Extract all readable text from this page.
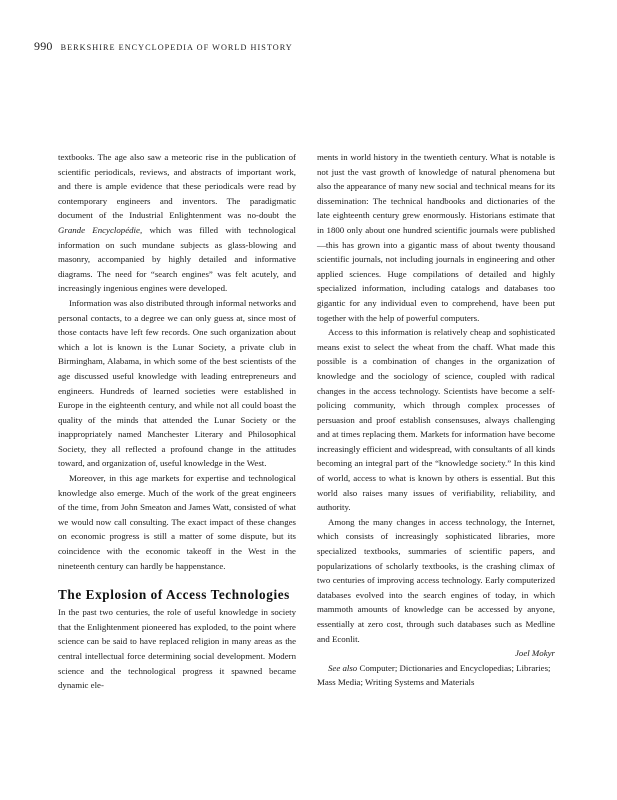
990 BERKSHIRE ENCYCLOPEDIA OF WORLD HISTORY

textbooks. The age also saw a meteoric rise in the publication of scientific periodicals, reviews, and abstracts of important work, and there is ample evidence that these periodicals were read by contemporary engineers and inventors. The paradigmatic document of the Industrial Enlightenment was no-doubt the Grande Encyclopédie, which was filled with technological information on such mundane subjects as glass-blowing and masonry, accompanied by highly detailed and informative diagrams. The need for “search engines” was felt acutely, and increasingly ingenious engines were developed.

Information was also distributed through informal networks and personal contacts, to a degree we can only guess at, since most of those contacts have left few records. One such organization about which a lot is known is the Lunar Society, a private club in Birmingham, Alabama, in which some of the best scientists of the age discussed useful knowledge with leading entrepreneurs and engineers. Hundreds of learned societies were established in Europe in the eighteenth century, and while not all could boast the quality of the minds that attended the Lunar Society or the inappropriately named Manchester Literary and Philosophical Society, they all reflected a profound change in the attitudes toward, and organization of, useful knowledge in the West.

Moreover, in this age markets for expertise and technological knowledge also emerge. Much of the work of the great engineers of the time, from John Smeaton and James Watt, consisted of what we would now call consulting. The exact impact of these changes on economic progress is still a matter of some dispute, but its coincidence with the economic takeoff in the West in the nineteenth century can hardly be happenstance.

The Explosion of Access Technologies

In the past two centuries, the role of useful knowledge in society that the Enlightenment pioneered has exploded, to the point where science can be said to have replaced religion in many areas as the central intellectual force determining social development. Modern science and the technological progress it spawned became dynamic ele-

ments in world history in the twentieth century. What is notable is not just the vast growth of knowledge of natural phenomena but also the appearance of many new social and technical means for its dissemination: The technical handbooks and dictionaries of the late eighteenth century grew enormously. Historians estimate that in 1800 only about one hundred scientific journals were published—this has grown into a gigantic mass of about twenty thousand scientific journals, not including journals in engineering and other applied sciences. Huge compilations of detailed and highly specialized information, including catalogs and databases too gigantic for any individual even to comprehend, have been put together with the help of powerful computers.

Access to this information is relatively cheap and sophisticated means exist to select the wheat from the chaff. What made this possible is a combination of changes in the organization of knowledge and the sociology of science, coupled with radical changes in the access technology. Scientists have become a self-policing community, which through complex processes of persuasion and proof establish consensuses, always challenging and at times replacing them. Markets for information have become increasingly efficient and widespread, with consultants of all kinds becoming an integral part of the “knowledge society.” In this kind of world, access to what is known by others is essential. But this world also raises many issues of verifiability, reliability, and authority.

Among the many changes in access technology, the Internet, which consists of increasingly sophisticated libraries, more specialized textbooks, summaries of scientific papers, and popularizations of scholarly textbooks, is the crashing climax of two centuries of improving access technology. Early computerized databases evolved into the search engines of today, in which mammoth amounts of knowledge can be accessed by anyone, essentially at zero cost, through such databases such as Medline and Econlit.

Joel Mokyr

See also Computer; Dictionaries and Encyclopedias; Libraries; Mass Media; Writing Systems and Materials
